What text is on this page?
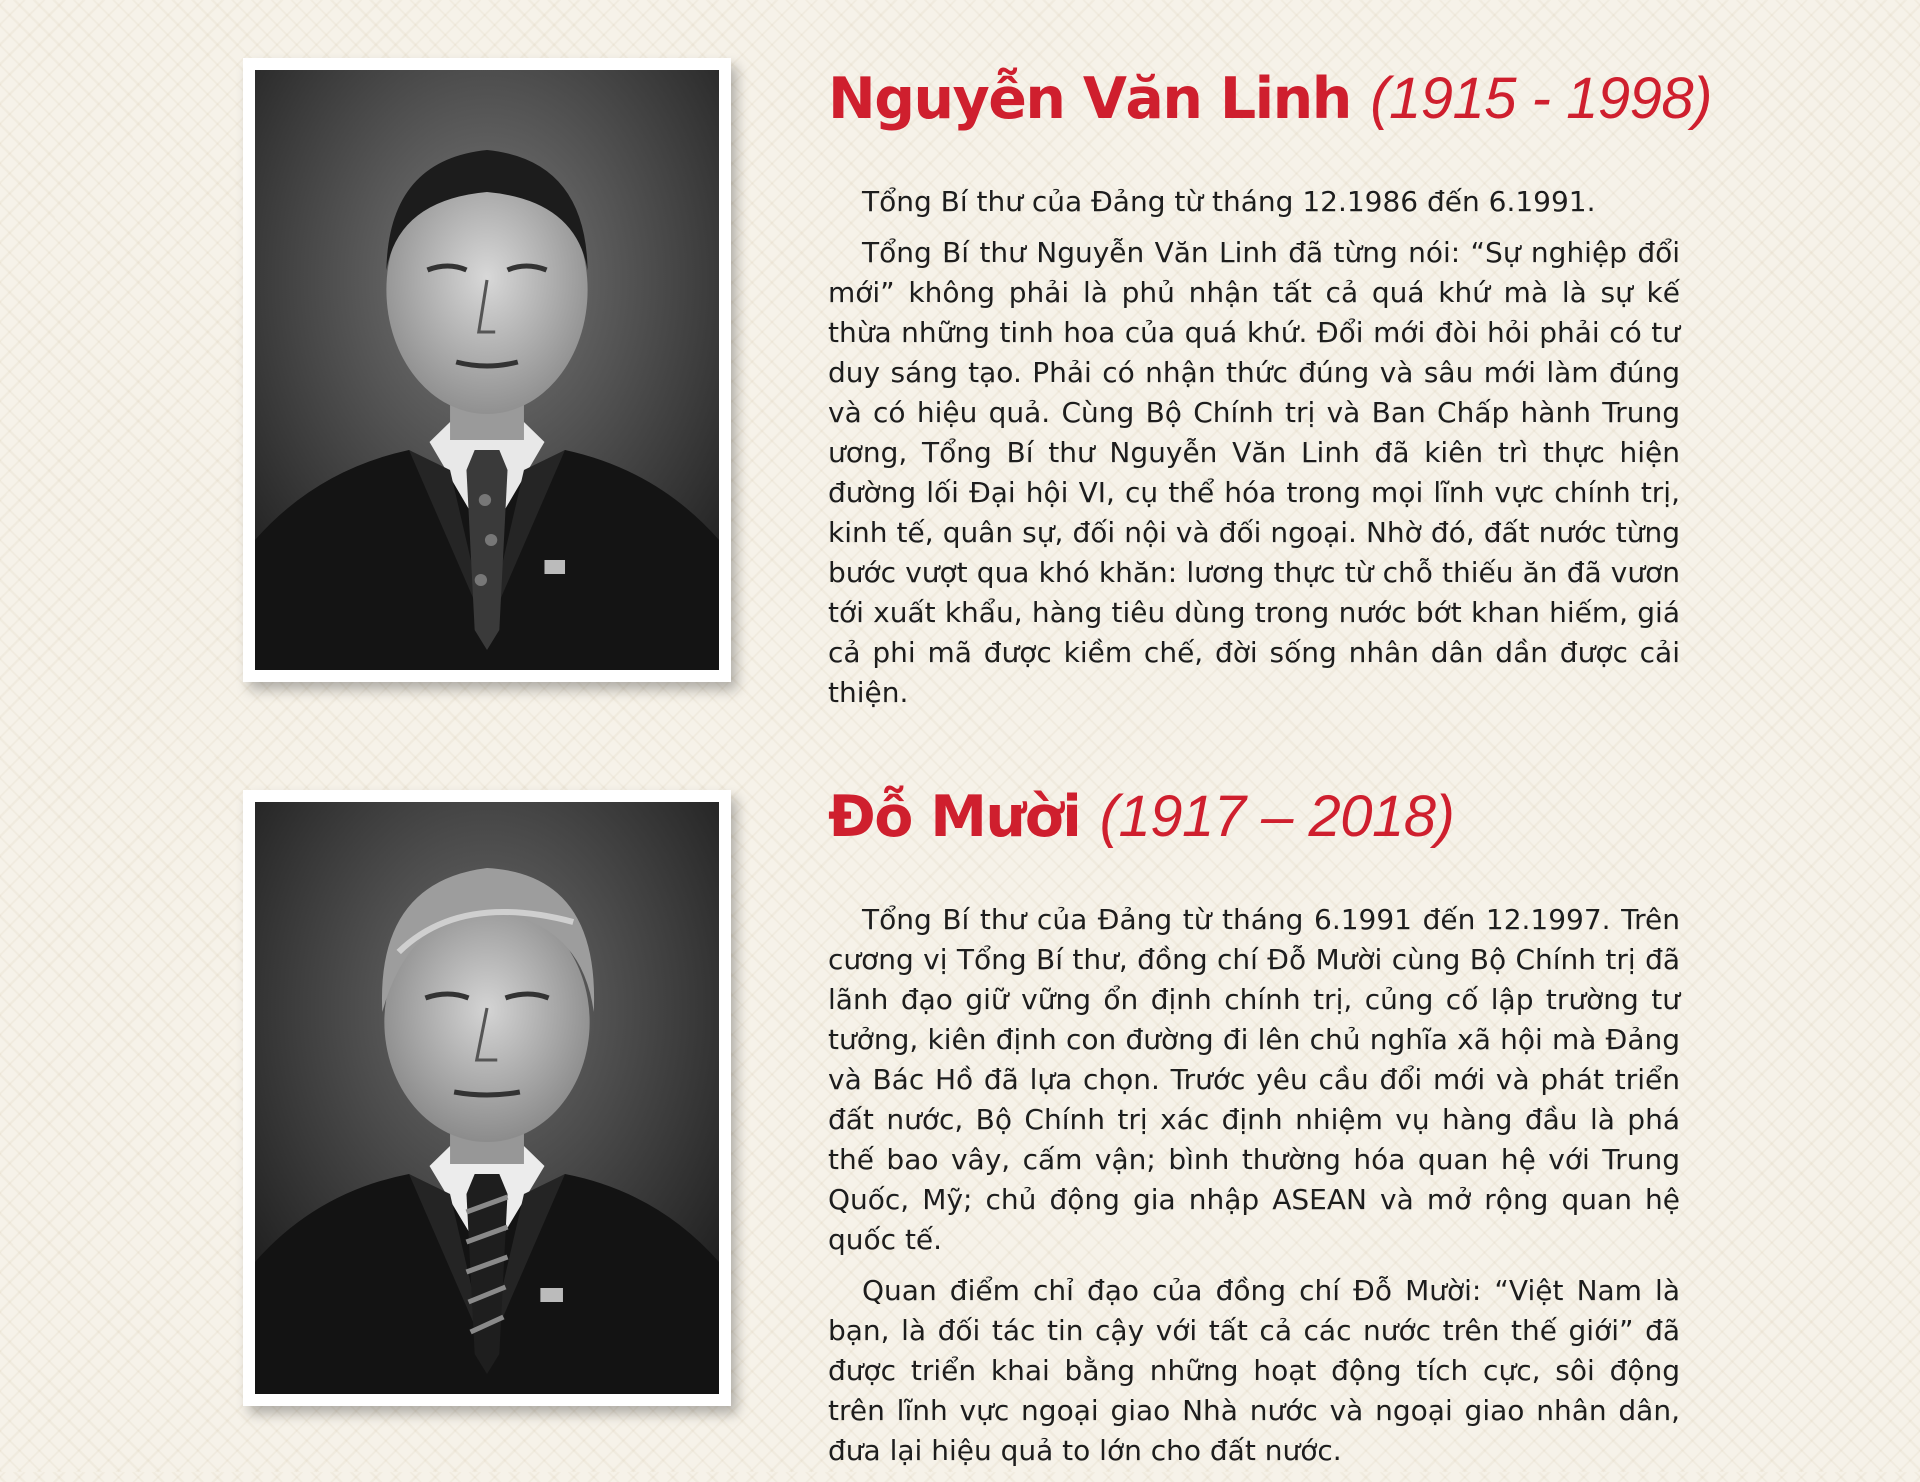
Nguyễn Văn Linh (1915 - 1998)

Tổng Bí thư của Đảng từ tháng 12.1986 đến 6.1991.

Tổng Bí thư Nguyễn Văn Linh đã từng nói: “Sự nghiệp đổi mới” không phải là phủ nhận tất cả quá khứ mà là sự kế thừa những tinh hoa của quá khứ. Đổi mới đòi hỏi phải có tư duy sáng tạo. Phải có nhận thức đúng và sâu mới làm đúng và có hiệu quả. Cùng Bộ Chính trị và Ban Chấp hành Trung ương, Tổng Bí thư Nguyễn Văn Linh đã kiên trì thực hiện đường lối Đại hội VI, cụ thể hóa trong mọi lĩnh vực chính trị, kinh tế, quân sự, đối nội và đối ngoại. Nhờ đó, đất nước từng bước vượt qua khó khăn: lương thực từ chỗ thiếu ăn đã vươn tới xuất khẩu, hàng tiêu dùng trong nước bớt khan hiếm, giá cả phi mã được kiềm chế, đời sống nhân dân dần được cải thiện.

Đỗ Mười (1917 – 2018)

Tổng Bí thư của Đảng từ tháng 6.1991 đến 12.1997. Trên cương vị Tổng Bí thư, đồng chí Đỗ Mười cùng Bộ Chính trị đã lãnh đạo giữ vững ổn định chính trị, củng cố lập trường tư tưởng, kiên định con đường đi lên chủ nghĩa xã hội mà Đảng và Bác Hồ đã lựa chọn. Trước yêu cầu đổi mới và phát triển đất nước, Bộ Chính trị xác định nhiệm vụ hàng đầu là phá thế bao vây, cấm vận; bình thường hóa quan hệ với Trung Quốc, Mỹ; chủ động gia nhập ASEAN và mở rộng quan hệ quốc tế.

Quan điểm chỉ đạo của đồng chí Đỗ Mười: “Việt Nam là bạn, là đối tác tin cậy với tất cả các nước trên thế giới” đã được triển khai bằng những hoạt động tích cực, sôi động trên lĩnh vực ngoại giao Nhà nước và ngoại giao nhân dân, đưa lại hiệu quả to lớn cho đất nước.
